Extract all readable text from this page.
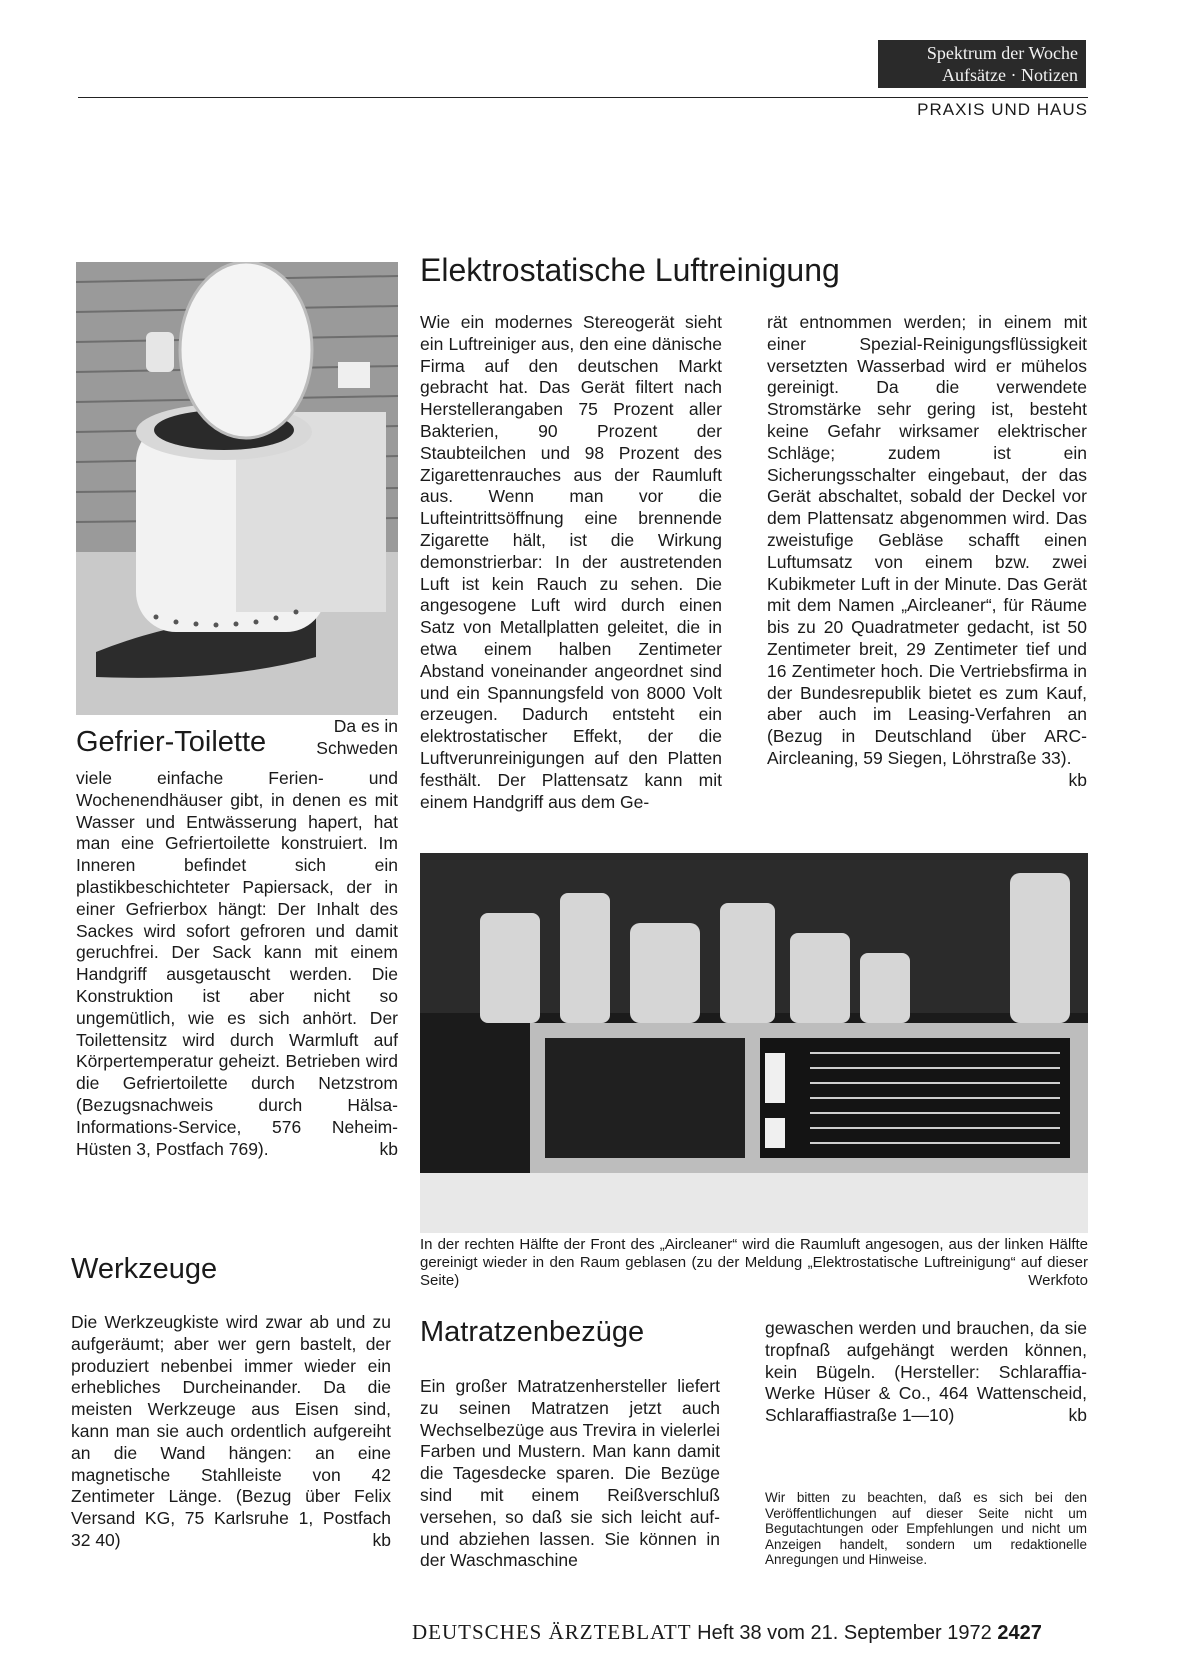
Spektrum der Woche
Aufsätze · Notizen
PRAXIS UND HAUS
Elektrostatische Luftreinigung

Wie ein modernes Stereogerät sieht ein Luftreiniger aus, den eine dänische Firma auf den deutschen Markt gebracht hat. Das Gerät filtert nach Herstellerangaben 75 Prozent aller Bakterien, 90 Prozent der Staubteilchen und 98 Prozent des Zigarettenrauches aus der Raumluft aus. Wenn man vor die Lufteintrittsöffnung eine brennende Zigarette hält, ist die Wirkung demonstrierbar: In der austretenden Luft ist kein Rauch zu sehen. Die angesogene Luft wird durch einen Satz von Metallplatten geleitet, die in etwa einem halben Zentimeter Abstand voneinander angeordnet sind und ein Spannungsfeld von 8000 Volt erzeugen. Dadurch entsteht ein elektrostatischer Effekt, der die Luftverunreinigungen auf den Platten festhält. Der Plattensatz kann mit einem Handgriff aus dem Ge-

rät entnommen werden; in einem mit einer Spezial-Reinigungsflüssigkeit versetzten Wasserbad wird er mühelos gereinigt. Da die verwendete Stromstärke sehr gering ist, besteht keine Gefahr wirksamer elektrischer Schläge; zudem ist ein Sicherungsschalter eingebaut, der das Gerät abschaltet, sobald der Deckel vor dem Plattensatz abgenommen wird. Das zweistufige Gebläse schafft einen Luftumsatz von einem bzw. zwei Kubikmeter Luft in der Minute. Das Gerät mit dem Namen „Aircleaner“, für Räume bis zu 20 Quadratmeter gedacht, ist 50 Zentimeter breit, 29 Zentimeter tief und 16 Zentimeter hoch. Die Vertriebsfirma in der Bundesrepublik bietet es zum Kauf, aber auch im Leasing-Verfahren an (Bezug in Deutschland über ARC-Aircleaning, 59 Siegen, Löhrstraße 33).
kb

Gefrier-Toilette	Da es in Schweden
viele einfache Ferien- und Wochenendhäuser gibt, in denen es mit Wasser und Entwässerung hapert, hat man eine Gefriertoilette konstruiert. Im Inneren befindet sich ein plastikbeschichteter Papiersack, der in einer Gefrierbox hängt: Der Inhalt des Sackes wird sofort gefroren und damit geruchfrei. Der Sack kann mit einem Handgriff ausgetauscht werden. Die Konstruktion ist aber nicht so ungemütlich, wie es sich anhört. Der Toilettensitz wird durch Warmluft auf Körpertemperatur geheizt. Betrieben wird die Gefriertoilette durch Netzstrom (Bezugsnachweis durch Hälsa-Informations-Service, 576 Neheim-Hüsten 3, Postfach 769).	kb
In der rechten Hälfte der Front des „Aircleaner“ wird die Raumluft angesogen, aus der linken Hälfte gereinigt wieder in den Raum geblasen (zu der Meldung „Elektrostatische Luftreinigung“ auf dieser Seite)	Werkfoto
Werkzeuge
Die Werkzeugkiste wird zwar ab und zu aufgeräumt; aber wer gern bastelt, der produziert nebenbei immer wieder ein erhebliches Durcheinander. Da die meisten Werkzeuge aus Eisen sind, kann man sie auch ordentlich aufgereiht an die Wand hängen: an eine magnetische Stahlleiste von 42 Zentimeter Länge. (Bezug über Felix Versand KG, 75 Karlsruhe 1, Postfach 32 40)	kb
Matratzenbezüge
Ein großer Matratzenhersteller liefert zu seinen Matratzen jetzt auch Wechselbezüge aus Trevira in vielerlei Farben und Mustern. Man kann damit die Tagesdecke sparen. Die Bezüge sind mit einem Reißverschluß versehen, so daß sie sich leicht auf- und abziehen lassen. Sie können in der Waschmaschine
gewaschen werden und brauchen, da sie tropfnaß aufgehängt werden können, kein Bügeln. (Hersteller: Schlaraffia-Werke Hüser & Co., 464 Wattenscheid, Schlaraffiastraße 1—10)	kb
Wir bitten zu beachten, daß es sich bei den Veröffentlichungen auf dieser Seite nicht um Begutachtungen oder Empfehlungen und nicht um Anzeigen handelt, sondern um redaktionelle Anregungen und Hinweise.
DEUTSCHES ÄRZTEBLATT Heft 38 vom 21. September 1972 2427
